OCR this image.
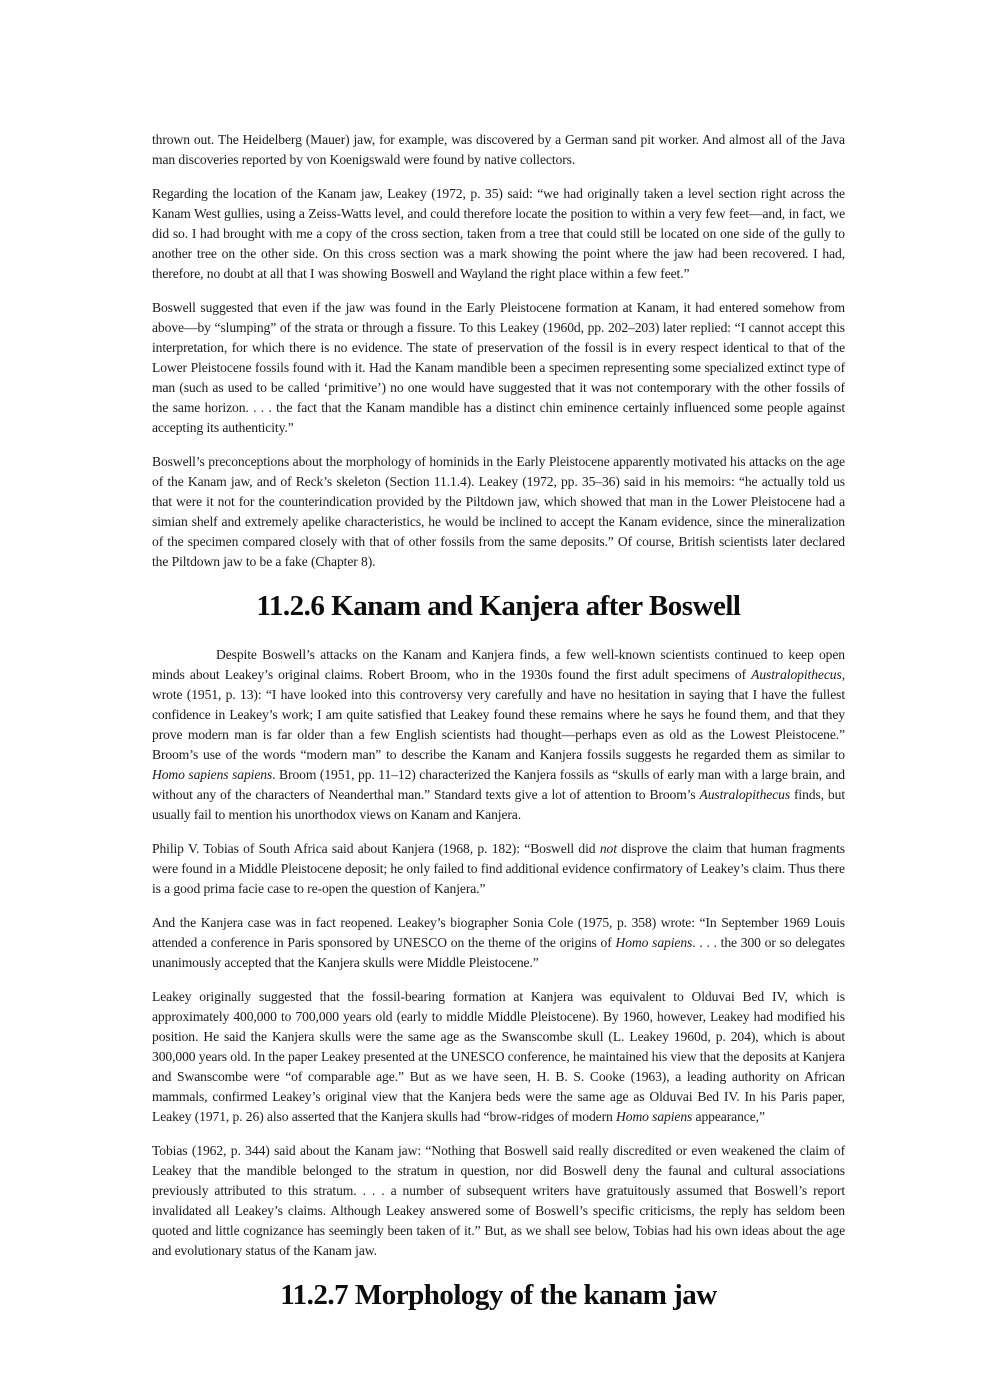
thrown out. The Heidelberg (Mauer) jaw, for example, was discovered by a German sand pit worker. And almost all of the Java man discoveries reported by von Koenigswald were found by native collectors.

Regarding the location of the Kanam jaw, Leakey (1972, p. 35) said: “we had originally taken a level section right across the Kanam West gullies, using a Zeiss-Watts level, and could therefore locate the position to within a very few feet—and, in fact, we did so. I had brought with me a copy of the cross section, taken from a tree that could still be located on one side of the gully to another tree on the other side. On this cross section was a mark showing the point where the jaw had been recovered. I had, therefore, no doubt at all that I was showing Boswell and Wayland the right place within a few feet.”

Boswell suggested that even if the jaw was found in the Early Pleistocene formation at Kanam, it had entered somehow from above—by “slumping” of the strata or through a fissure. To this Leakey (1960d, pp. 202–203) later replied: “I cannot accept this interpretation, for which there is no evidence. The state of preservation of the fossil is in every respect identical to that of the Lower Pleistocene fossils found with it. Had the Kanam mandible been a specimen representing some specialized extinct type of man (such as used to be called ‘primitive’) no one would have suggested that it was not contemporary with the other fossils of the same horizon. . . . the fact that the Kanam mandible has a distinct chin eminence certainly influenced some people against accepting its authenticity.”

Boswell’s preconceptions about the morphology of hominids in the Early Pleistocene apparently motivated his attacks on the age of the Kanam jaw, and of Reck’s skeleton (Section 11.1.4). Leakey (1972, pp. 35–36) said in his memoirs: “he actually told us that were it not for the counterindication provided by the Piltdown jaw, which showed that man in the Lower Pleistocene had a simian shelf and extremely apelike characteristics, he would be inclined to accept the Kanam evidence, since the mineralization of the specimen compared closely with that of other fossils from the same deposits.” Of course, British scientists later declared the Piltdown jaw to be a fake (Chapter 8).

11.2.6 Kanam and Kanjera after Boswell

Despite Boswell’s attacks on the Kanam and Kanjera finds, a few well-known scientists continued to keep open minds about Leakey’s original claims. Robert Broom, who in the 1930s found the first adult specimens of Australopithecus, wrote (1951, p. 13): “I have looked into this controversy very carefully and have no hesitation in saying that I have the fullest confidence in Leakey’s work; I am quite satisfied that Leakey found these remains where he says he found them, and that they prove modern man is far older than a few English scientists had thought—perhaps even as old as the Lowest Pleistocene.” Broom’s use of the words “modern man” to describe the Kanam and Kanjera fossils suggests he regarded them as similar to Homo sapiens sapiens. Broom (1951, pp. 11–12) characterized the Kanjera fossils as “skulls of early man with a large brain, and without any of the characters of Neanderthal man.” Standard texts give a lot of attention to Broom’s Australopithecus finds, but usually fail to mention his unorthodox views on Kanam and Kanjera.

Philip V. Tobias of South Africa said about Kanjera (1968, p. 182): “Boswell did not disprove the claim that human fragments were found in a Middle Pleistocene deposit; he only failed to find additional evidence confirmatory of Leakey’s claim. Thus there is a good prima facie case to re-open the question of Kanjera.”

And the Kanjera case was in fact reopened. Leakey’s biographer Sonia Cole (1975, p. 358) wrote: “In September 1969 Louis attended a conference in Paris sponsored by UNESCO on the theme of the origins of Homo sapiens. . . . the 300 or so delegates unanimously accepted that the Kanjera skulls were Middle Pleistocene.”

Leakey originally suggested that the fossil-bearing formation at Kanjera was equivalent to Olduvai Bed IV, which is approximately 400,000 to 700,000 years old (early to middle Middle Pleistocene). By 1960, however, Leakey had modified his position. He said the Kanjera skulls were the same age as the Swanscombe skull (L. Leakey 1960d, p. 204), which is about 300,000 years old. In the paper Leakey presented at the UNESCO conference, he maintained his view that the deposits at Kanjera and Swanscombe were “of comparable age.” But as we have seen, H. B. S. Cooke (1963), a leading authority on African mammals, confirmed Leakey’s original view that the Kanjera beds were the same age as Olduvai Bed IV. In his Paris paper, Leakey (1971, p. 26) also asserted that the Kanjera skulls had “brow-ridges of modern Homo sapiens appearance,”

Tobias (1962, p. 344) said about the Kanam jaw: “Nothing that Boswell said really discredited or even weakened the claim of Leakey that the mandible belonged to the stratum in question, nor did Boswell deny the faunal and cultural associations previously attributed to this stratum. . . . a number of subsequent writers have gratuitously assumed that Boswell’s report invalidated all Leakey’s claims. Although Leakey answered some of Boswell’s specific criticisms, the reply has seldom been quoted and little cognizance has seemingly been taken of it.” But, as we shall see below, Tobias had his own ideas about the age and evolutionary status of the Kanam jaw.

11.2.7 Morphology of the kanam jaw
